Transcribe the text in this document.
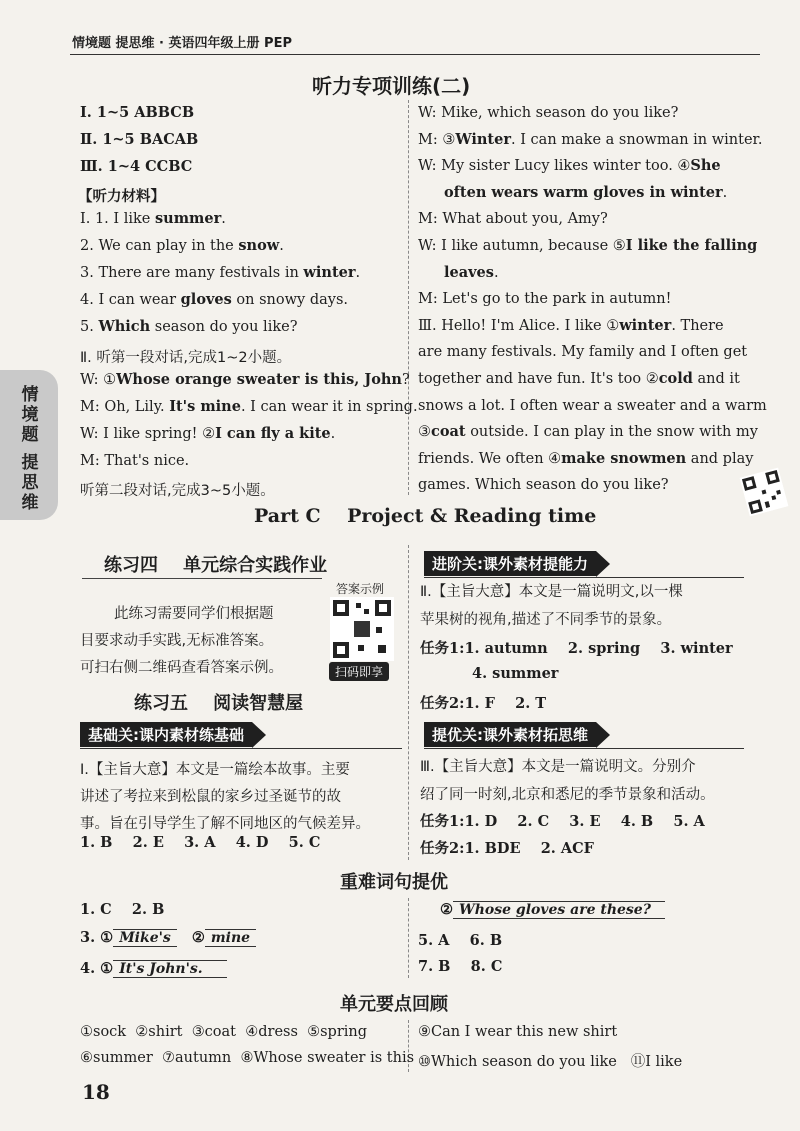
情境题 提思维 · 英语四年级上册 PEP
情
境
题
提
思
维
听力专项训练(二)
Ⅰ. 1~5 ABBCB
Ⅱ. 1~5 BACAB
Ⅲ. 1~4 CCBC
【听力材料】
Ⅰ. 1. I like summer.
2. We can play in the snow.
3. There are many festivals in winter.
4. I can wear gloves on snowy days.
5. Which season do you like?
Ⅱ. 听第一段对话,完成1~2小题。
W: ①Whose orange sweater is this, John?
M: Oh, Lily. It's mine. I can wear it in spring.
W: I like spring! ②I can fly a kite.
M: That's nice.
听第二段对话,完成3~5小题。
W: Mike, which season do you like?
M: ③Winter. I can make a snowman in winter.
W: My sister Lucy likes winter too. ④She
often wears warm gloves in winter.
M: What about you, Amy?
W: I like autumn, because ⑤I like the falling
leaves.
M: Let's go to the park in autumn!
Ⅲ. Hello! I'm Alice. I like ①winter. There
are many festivals. My family and I often get
together and have fun. It's too ②cold and it
snows a lot. I often wear a sweater and a warm
③coat outside. I can play in the snow with my
friends. We often ④make snowmen and play
games. Which season do you like?
Part C    Project & Reading time
练习四    单元综合实践作业
此练习需要同学们根据题
目要求动手实践,无标准答案。
可扫右侧二维码查看答案示例。
答案示例
扫码即享
练习五    阅读智慧屋
基础关:课内素材练基础
Ⅰ.【主旨大意】本文是一篇绘本故事。主要
讲述了考拉来到松鼠的家乡过圣诞节的故
事。旨在引导学生了解不同地区的气候差异。
1. B    2. E    3. A    4. D    5. C
进阶关:课外素材提能力
Ⅱ.【主旨大意】本文是一篇说明文,以一棵
苹果树的视角,描述了不同季节的景象。
任务1:1. autumn    2. spring    3. winter
4. summer
任务2:1. F    2. T
提优关:课外素材拓思维
Ⅲ.【主旨大意】本文是一篇说明文。分别介
绍了同一时刻,北京和悉尼的季节景象和活动。
任务1:1. D    2. C    3. E    4. B    5. A
任务2:1. BDE    2. ACF
重难词句提优
1. C    2. B
3. ① Mike's ② mine
4. ① It's John's.
② Whose gloves are these?
5. A    6. B
7. B    8. C
单元要点回顾
①sock  ②shirt  ③coat  ④dress  ⑤spring
⑥summer  ⑦autumn  ⑧Whose sweater is this
⑨Can I wear this new shirt
⑩Which season do you like   ⑪I like
18
